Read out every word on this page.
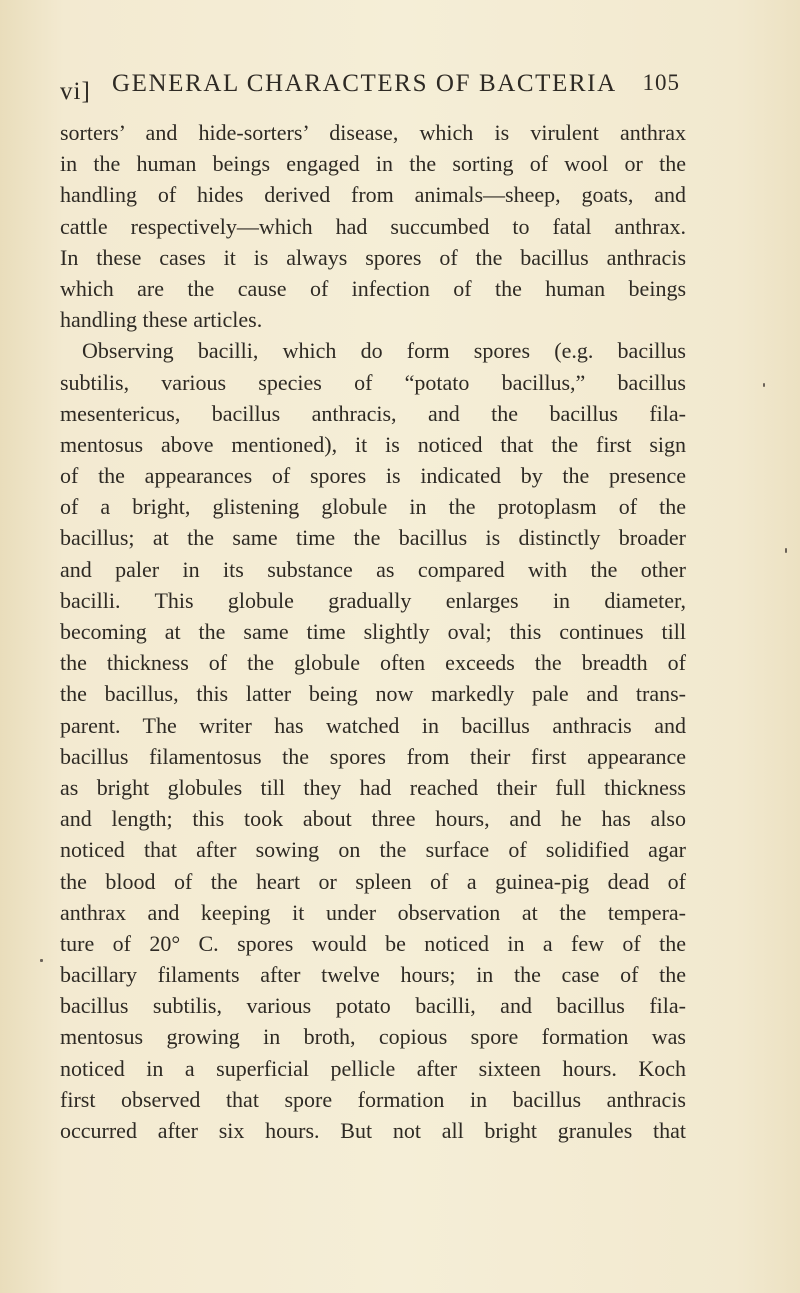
vi] GENERAL CHARACTERS OF BACTERIA 105
sorters’ and hide-sorters’ disease, which is virulent anthrax
in the human beings engaged in the sorting of wool or the
handling of hides derived from animals—sheep, goats, and
cattle respectively—which had succumbed to fatal anthrax.
In these cases it is always spores of the bacillus anthracis
which are the cause of infection of the human beings
handling these articles.
Observing bacilli, which do form spores (e.g. bacillus
subtilis, various species of “potato bacillus,” bacillus
mesentericus, bacillus anthracis, and the bacillus fila-
mentosus above mentioned), it is noticed that the first sign
of the appearances of spores is indicated by the presence
of a bright, glistening globule in the protoplasm of the
bacillus; at the same time the bacillus is distinctly broader
and paler in its substance as compared with the other
bacilli. This globule gradually enlarges in diameter,
becoming at the same time slightly oval; this continues till
the thickness of the globule often exceeds the breadth of
the bacillus, this latter being now markedly pale and trans-
parent. The writer has watched in bacillus anthracis and
bacillus filamentosus the spores from their first appearance
as bright globules till they had reached their full thickness
and length; this took about three hours, and he has also
noticed that after sowing on the surface of solidified agar
the blood of the heart or spleen of a guinea-pig dead of
anthrax and keeping it under observation at the tempera-
ture of 20° C. spores would be noticed in a few of the
bacillary filaments after twelve hours; in the case of the
bacillus subtilis, various potato bacilli, and bacillus fila-
mentosus growing in broth, copious spore formation was
noticed in a superficial pellicle after sixteen hours. Koch
first observed that spore formation in bacillus anthracis
occurred after six hours. But not all bright granules that
